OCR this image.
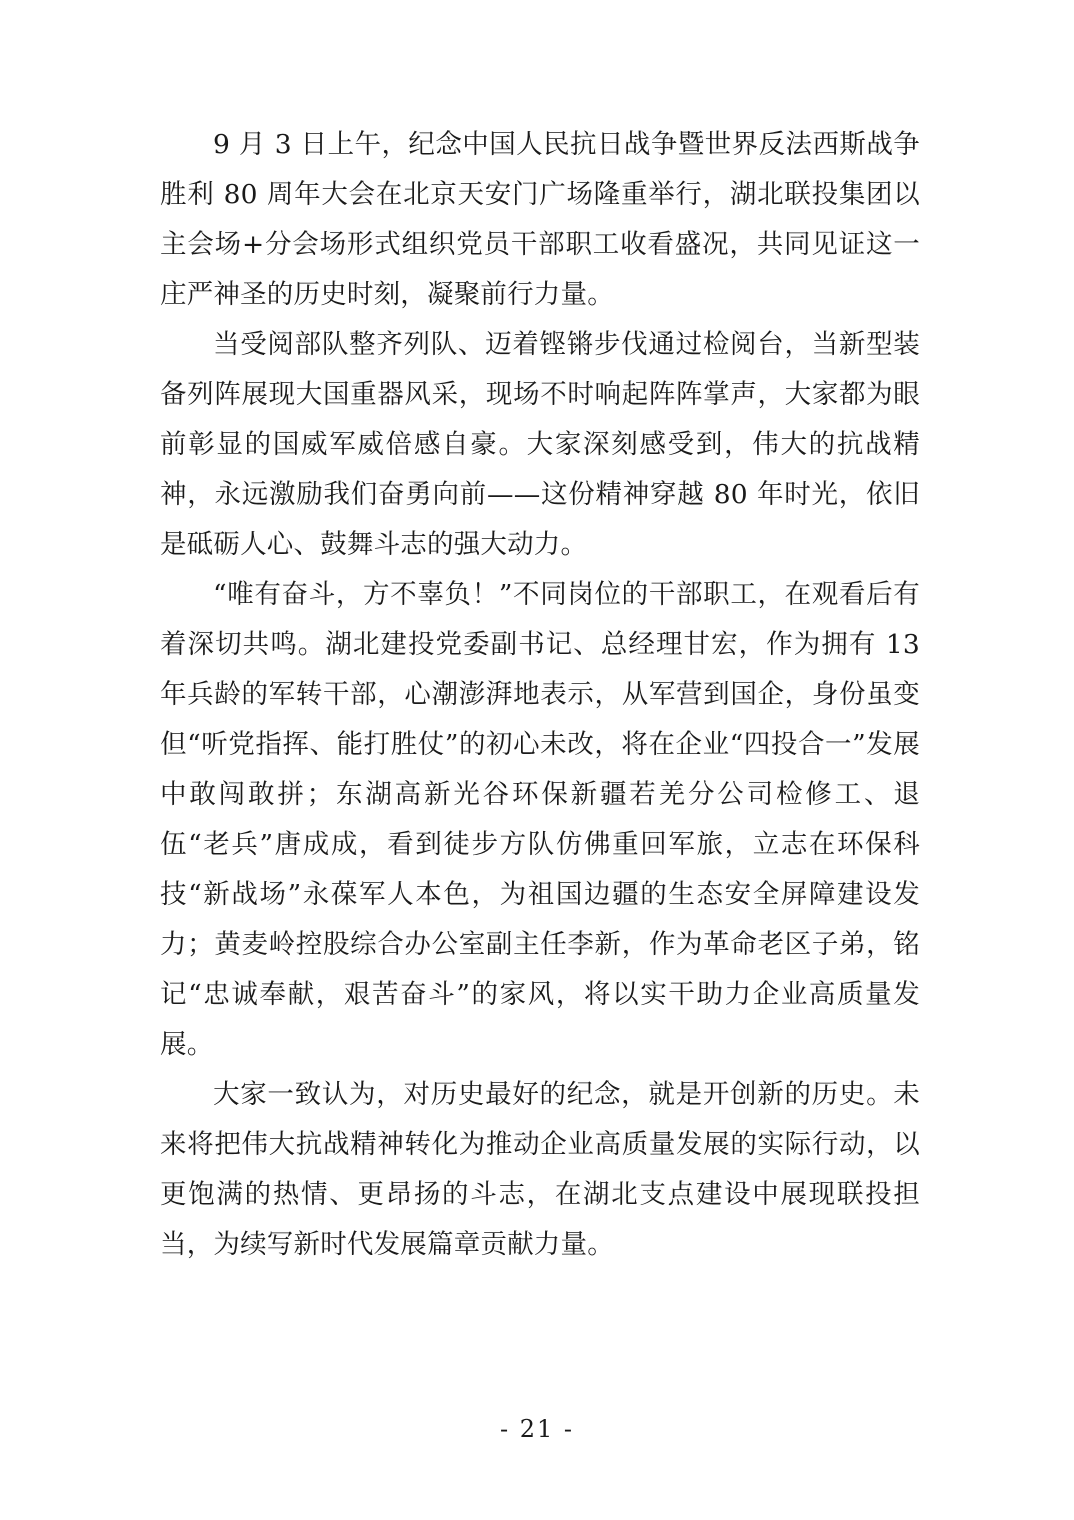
9 月 3 日上午，纪念中国人民抗日战争暨世界反法西斯战争胜利 80 周年大会在北京天安门广场隆重举行，湖北联投集团以主会场+分会场形式组织党员干部职工收看盛况，共同见证这一庄严神圣的历史时刻，凝聚前行力量。

当受阅部队整齐列队、迈着铿锵步伐通过检阅台，当新型装备列阵展现大国重器风采，现场不时响起阵阵掌声，大家都为眼前彰显的国威军威倍感自豪。大家深刻感受到，伟大的抗战精神，永远激励我们奋勇向前——这份精神穿越 80 年时光，依旧是砥砺人心、鼓舞斗志的强大动力。

“唯有奋斗，方不辜负！”不同岗位的干部职工，在观看后有着深切共鸣。湖北建投党委副书记、总经理甘宏，作为拥有 13 年兵龄的军转干部，心潮澎湃地表示，从军营到国企，身份虽变但“听党指挥、能打胜仗”的初心未改，将在企业“四投合一”发展中敢闯敢拼；东湖高新光谷环保新疆若羌分公司检修工、退伍“老兵”唐成成，看到徒步方队仿佛重回军旅，立志在环保科技“新战场”永葆军人本色，为祖国边疆的生态安全屏障建设发力；黄麦岭控股综合办公室副主任李新，作为革命老区子弟，铭记“忠诚奉献，艰苦奋斗”的家风，将以实干助力企业高质量发展。

大家一致认为，对历史最好的纪念，就是开创新的历史。未来将把伟大抗战精神转化为推动企业高质量发展的实际行动，以更饱满的热情、更昂扬的斗志，在湖北支点建设中展现联投担当，为续写新时代发展篇章贡献力量。

- 21 -
